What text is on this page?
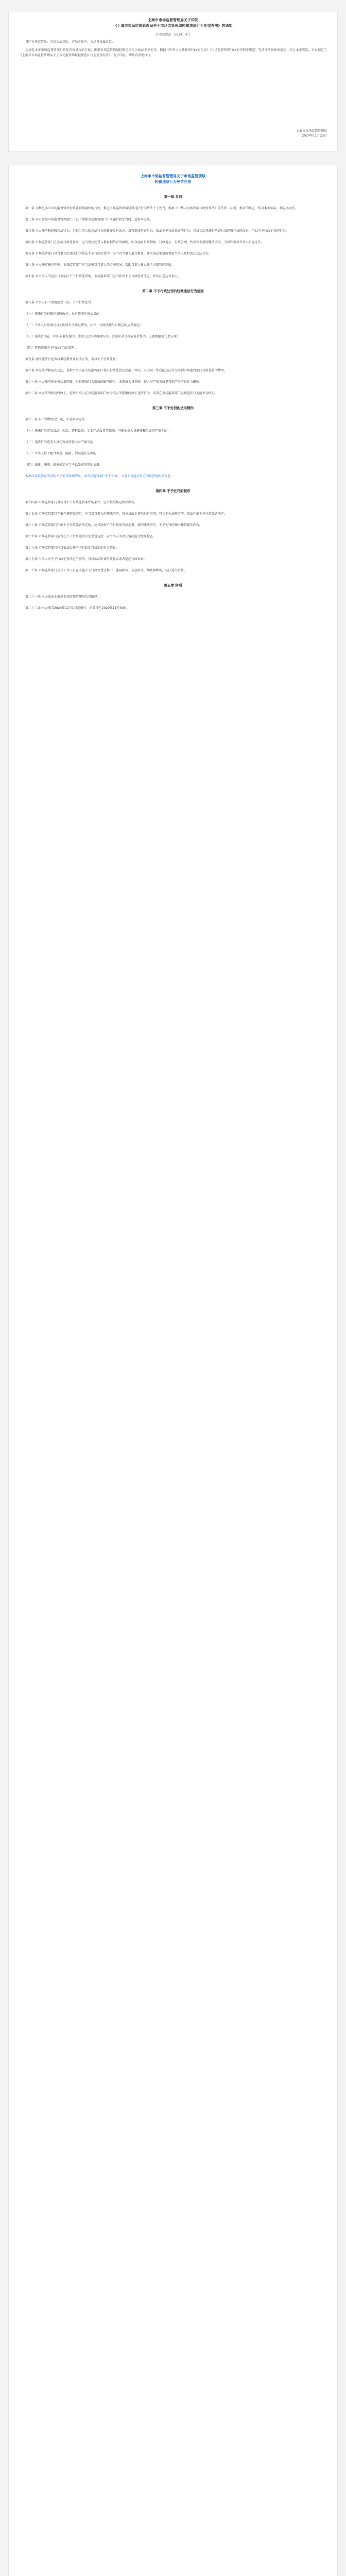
上海市市场监督管理局关于印发
《上海市市场监督管理局关于市场监管领域轻微违法行为免罚办法》的通知
沪市监规范〔2024〕4号

各区市场监管局，市局执法总队、市局各处室、市局各直属单位：

为规范本市市场监督管理行政处罚裁量权的行使，推进市场监管领域轻微违法行为依法不予处罚，根据《中华人民共和国行政处罚法》《市场监督管理行政处罚程序规定》等法律法规规章规定，结合本市实际，市局制定了《上海市市场监督管理局关于市场监管领域轻微违法行为免罚办法》，现予印发，请认真贯彻执行。

上海市市场监督管理局
2024年11月23日
上海市市场监督管理局关于市场监管领域
轻微违法行为免罚办法
第一章 总则
第一条 为规范本市市场监督管理行政处罚裁量权的行使，推进市场监管领域轻微违法行为依法不予处罚，根据《中华人民共和国行政处罚法》等法律、法规、规章的规定，结合本市实际，制定本办法。
第二条 本市各级市场监督管理部门（以下简称市场监管部门）实施行政处罚时，适用本办法。
第三条 本办法所称轻微违法行为，是指当事人的违法行为轻微并及时改正，没有造成危害后果，依法不予行政处罚的行为；以及初次违法且危害后果轻微并及时改正，可以不予行政处罚的行为。
第四条 市场监管部门在实施行政处罚时，应当坚持处罚与教育相结合的原则，综合运用行政指导、行政提示、行政告诫、约谈等非强制执法手段，引导和教育当事人自觉守法。
第五条 市场监管部门对当事人的违法行为依法不予行政处罚的，应当对当事人进行教育，并采取必要措施督促当事人及时改正违法行为。
第六条 本办法实施过程中，市场监管部门应当加强对当事人的合规指导，帮助当事人建立健全内部管理制度。
第七条 对当事人的违法行为依法不予行政处罚的，市场监管部门应当作出不予行政处罚决定，并依法送达当事人。
第二章 不予行政处罚的轻微违法行为范围
第八条 当事人有下列情形之一的，不予行政处罚：
（一）违法行为轻微并及时改正，没有造成危害后果的；
（二）当事人有证据足以证明没有主观过错的，法律、行政法规另有规定的从其规定；
（三）违法行为在二年内未被发现的，涉及公民生命健康安全、金融安全且有危害后果的，上述期限延长至五年；
（四）其他依法不予行政处罚的情形。
第九条 初次违法且危害后果轻微并及时改正的，可以不予行政处罚。
第十条 本办法所称初次违法，是指当事人在市场监管部门作出行政处罚决定前二年内，未因同一性质的违法行为受到市场监管部门行政处罚的情形。
第十一条 本办法所称危害后果轻微，是指违法行为造成的影响较小，未造成人身伤害、较大财产损失或者其他严重不良社会影响。
第十二条 本办法所称及时改正，是指当事人在市场监管部门责令改正的期限内改正违法行为，或者在市场监管部门发现违法行为前主动改正。
第三章 不予处罚的适用情形
第十三条 有下列情形之一的，不适用本办法：
（一）违法行为涉及食品、药品、特种设备、工业产品质量等领域，可能危及人身健康和生命财产安全的；
（二）违法行为造成人身伤害或者较大财产损失的；
（三）当事人拒不配合调查、隐匿、销毁违法证据的；
（四）法律、法规、规章规定应当予以处罚的其他情形。
本办法条款涉及的具体不予处罚事项清单，由市场监管部门另行公布，当事人可通过官方网站查询相关信息。
第四章 不予处罚的程序
第十四条 市场监管部门对符合不予行政处罚条件的案件，应当按照规定程序办理。
第十五条 市场监管部门在案件调查终结后，应当对当事人的违法事实、情节及改正情况进行审查，符合本办法规定的，依法作出不予行政处罚决定。
第十六条 市场监管部门作出不予行政处罚决定的，应当制作不予行政处罚决定书，载明违法事实、不予处罚的理由和依据等内容。
第十七条 市场监管部门应当在不予行政处罚决定书送达后，对当事人的改正情况进行跟踪检查。
第十八条 市场监管部门应当依法公开不予行政处罚决定的有关信息。
第十九条 当事人对不予行政处罚决定不服的，可以依法申请行政复议或者提起行政诉讼。
第二十条 市场监管部门及其工作人员在实施不予行政处罚过程中，滥用职权、玩忽职守、徇私舞弊的，依法追究责任。
第五章 附则
第二十一条 本办法由上海市市场监督管理局负责解释。
第二十二条 本办法自2024年12月1日起施行，有效期至2029年11月30日。
